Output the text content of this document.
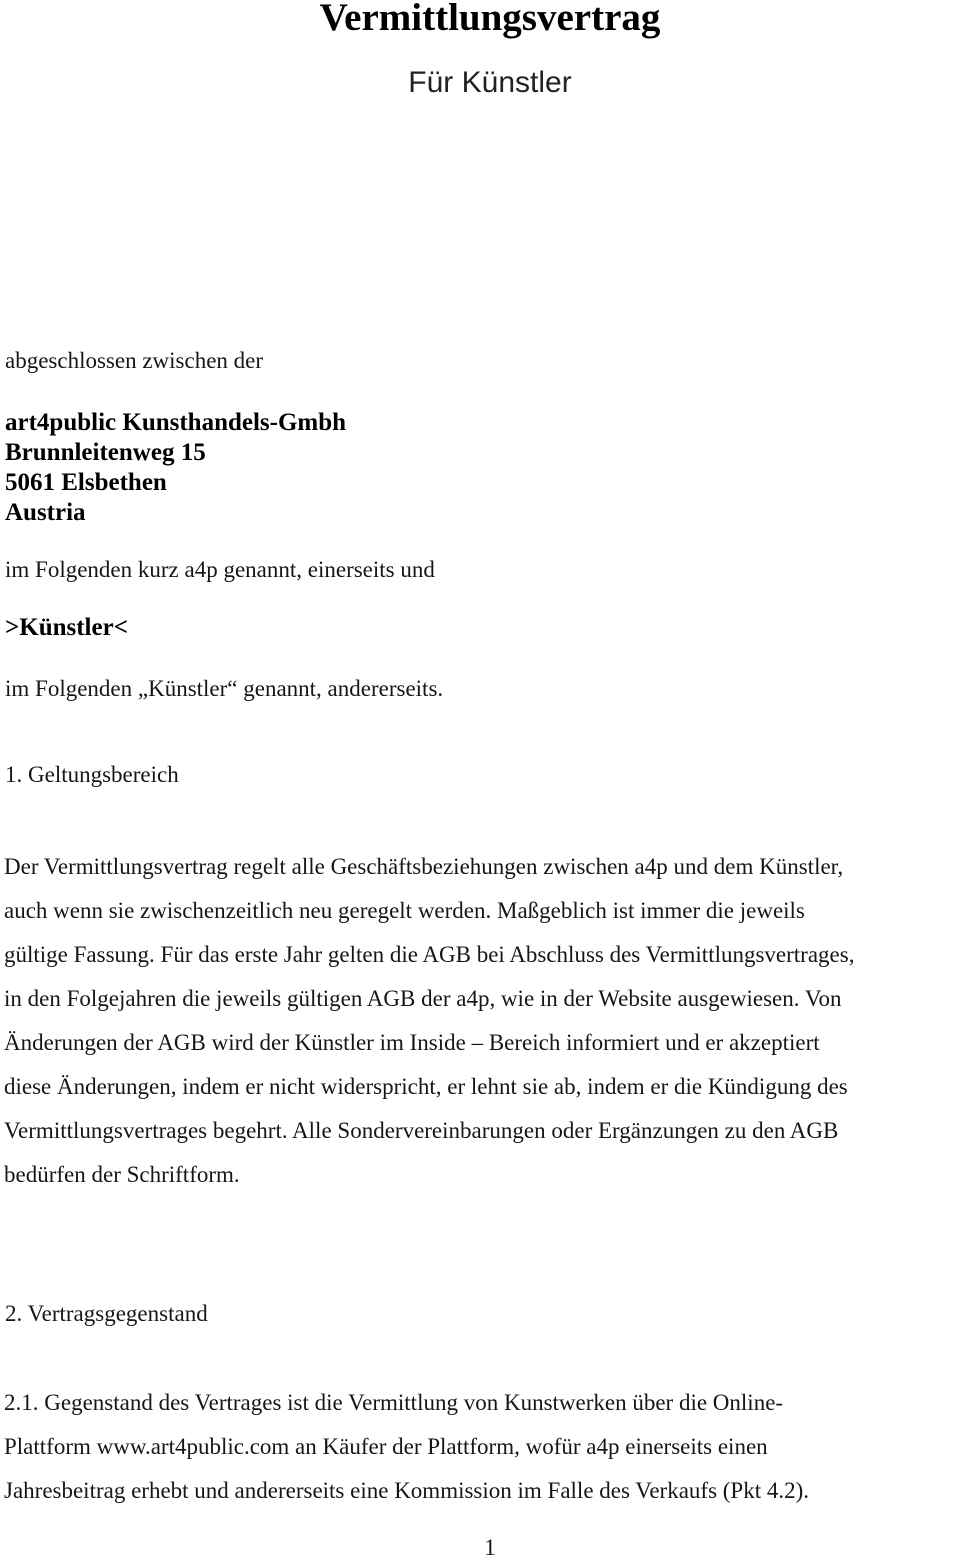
Vermittlungsvertrag
Für Künstler
abgeschlossen zwischen der
art4public Kunsthandels-Gmbh
Brunnleitenweg 15
5061 Elsbethen
Austria
im Folgenden kurz a4p genannt, einerseits und
>Künstler<
im Folgenden „Künstler“ genannt, andererseits.
1. Geltungsbereich
Der Vermittlungsvertrag regelt alle Geschäftsbeziehungen zwischen a4p und dem Künstler,
auch wenn sie zwischenzeitlich neu geregelt werden. Maßgeblich ist immer die jeweils
gültige Fassung. Für das erste Jahr gelten die AGB bei Abschluss des Vermittlungsvertrages,
in den Folgejahren die jeweils gültigen AGB der a4p, wie in der Website ausgewiesen. Von
Änderungen der AGB wird der Künstler im Inside – Bereich informiert und er akzeptiert
diese Änderungen, indem er nicht widerspricht, er lehnt sie ab, indem er die Kündigung des
Vermittlungsvertrages begehrt. Alle Sondervereinbarungen oder Ergänzungen zu den AGB
bedürfen der Schriftform.
2. Vertragsgegenstand
2.1. Gegenstand des Vertrages ist die Vermittlung von Kunstwerken über die Online-
Plattform www.art4public.com an Käufer der Plattform, wofür a4p einerseits einen
Jahresbeitrag erhebt und andererseits eine Kommission im Falle des Verkaufs (Pkt 4.2).
1
